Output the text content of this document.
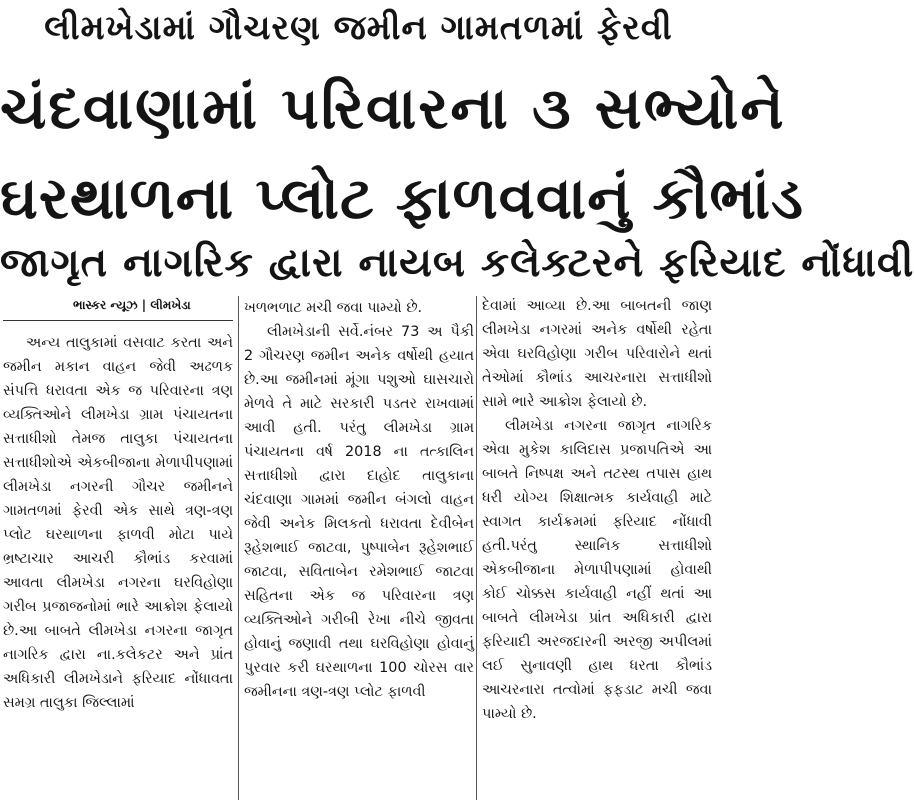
લીમખેડામાં ગૌચરણ જમીન ગામતળમાં ફેરવી
ચંદવાણામાં પરિવારના ૩ સભ્યોને
ઘરથાળના પ્લોટ ફાળવવાનું કૌભાંડ
જાગૃત નાગરિક દ્વારા નાયબ કલેક્ટરને ફરિયાદ નોંધાવી
ભાસ્કર ન્યૂઝ | લીમખેડા

અન્ય તાલુકામાં વસવાટ કરતા અને જમીન મકાન વાહન જેવી અઢળક સંપત્તિ ધરાવતા એક જ પરિવારના ત્રણ વ્યક્તિઓને લીમખેડા ગ્રામ પંચાયતના સત્તાધીશો તેમજ તાલુકા પંચાયતના સત્તાધીશોએ એકબીજાના મેળાપીપણામાં લીમખેડા નગરની ગૌચર જમીનને ગામતળમાં ફેરવી એક સાથે ત્રણ-ત્રણ પ્લોટ ઘરથાળના ફાળવી મોટા પાયે ભ્રષ્ટાચાર આચરી કૌભાંડ કરવામાં આવતા લીમખેડા નગરના ઘરવિહોણા ગરીબ પ્રજાજનોમાં ભારે આક્રોશ ફેલાયો છે.આ બાબતે લીમખેડા નગરના જાગૃત નાગરિક દ્વારા ના.કલેકટર અને પ્રાંત અધિકારી લીમખેડાને ફરિયાદ નોંધાવતા સમગ્ર તાલુકા જિલ્લામાં

ખળભળાટ મચી જવા પામ્યો છે.

લીમખેડાની સર્વે.નંબર 73 અ પૈકી 2 ગૌચરણ જમીન અનેક વર્ષોથી હયાત છે.આ જમીનમાં મૂંગા પશુઓ ઘાસચારો મેળવે તે માટે સરકારી પડતર રાખવામાં આવી હતી. પરંતુ લીમખેડા ગ્રામ પંચાયતના વર્ષ 2018 ના તત્કાલિન સત્તાધીશો દ્વારા દાહોદ તાલુકાના ચંદવાણા ગામમાં જમીન બંગલો વાહન જેવી અનેક મિલકતો ધરાવતા દેવીબેન રૂહેશભાઈ જાટવા, પુષ્પાબેન રૂહેશભાઈ જાટવા, સવિતાબેન રમેશભાઈ જાટવા સહિતના એક જ પરિવારના ત્રણ વ્યક્તિઓને ગરીબી રેખા નીચે જીવતા હોવાનું જણાવી તથા ઘરવિહોણા હોવાનું પુરવાર કરી ઘરથાળના 100 ચોરસ વાર જમીનના ત્રણ-ત્રણ પ્લોટ ફાળવી

દેવામાં આવ્યા છે.આ બાબતની જાણ લીમખેડા નગરમાં અનેક વર્ષોથી રહેતા એવા ઘરવિહોણા ગરીબ પરિવારોને થતાં તેઓમાં કૌભાંડ આચરનારા સત્તાધીશો સામે ભારે આક્રોશ ફેલાયો છે.

લીમખેડા નગરના જાગૃત નાગરિક એવા મુકેશ કાલિદાસ પ્રજાપતિએ આ બાબતે નિષ્પક્ષ અને તટસ્થ તપાસ હાથ ધરી યોગ્ય શિક્ષાત્મક કાર્યવાહી માટે સ્વાગત કાર્યક્રમમાં ફરિયાદ નોંધાવી હતી.પરંતુ સ્થાનિક સત્તાધીશો એકબીજાના મેળાપીપણામાં હોવાથી કોઈ ચોક્કસ કાર્યવાહી નહીં થતાં આ બાબતે લીમખેડા પ્રાંત અધિકારી દ્વારા ફરિયાદી અરજદારની અરજી અપીલમાં લઈ સુનાવણી હાથ ધરતા કૌભાંડ આચરનારા તત્વોમાં ફફડાટ મચી જવા પામ્યો છે.
